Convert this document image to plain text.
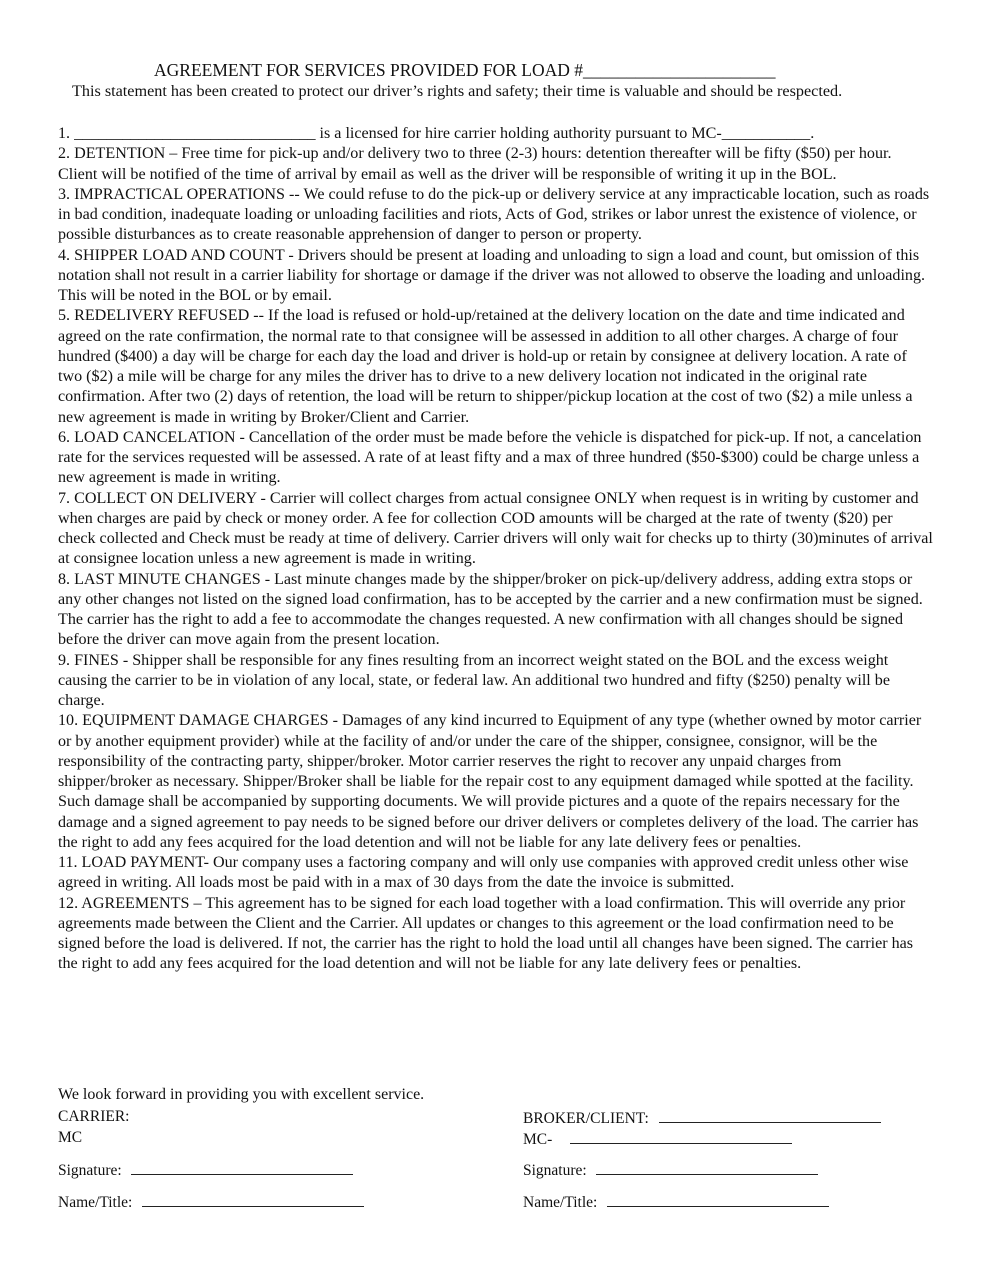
AGREEMENT FOR SERVICES PROVIDED FOR LOAD #______________________
This statement has been created to protect our driver’s rights and safety; their time is valuable and should be respected.

1. ______________________________ is a licensed for hire carrier holding authority pursuant to MC-___________.

2. DETENTION – Free time for pick-up and/or delivery two to three (2-3) hours: detention thereafter will be fifty ($50) per hour. Client will be notified of the time of arrival by email as well as the driver will be responsible of writing it up in the BOL.

3. IMPRACTICAL OPERATIONS -- We could refuse to do the pick-up or delivery service at any impracticable location, such as roads in bad condition, inadequate loading or unloading facilities and riots, Acts of God, strikes or labor unrest the existence of violence, or possible disturbances as to create reasonable apprehension of danger to person or property.

4. SHIPPER LOAD AND COUNT - Drivers should be present at loading and unloading to sign a load and count, but omission of this notation shall not result in a carrier liability for shortage or damage if the driver was not allowed to observe the loading and unloading. This will be noted in the BOL or by email.

5. REDELIVERY REFUSED -- If the load is refused or hold-up/retained at the delivery location on the date and time indicated and agreed on the rate confirmation, the normal rate to that consignee will be assessed in addition to all other charges. A charge of four hundred ($400) a day will be charge for each day the load and driver is hold-up or retain by consignee at delivery location. A rate of two ($2) a mile will be charge for any miles the driver has to drive to a new delivery location not indicated in the original rate confirmation. After two (2) days of retention, the load will be return to shipper/pickup location at the cost of two ($2) a mile unless a new agreement is made in writing by Broker/Client and Carrier.

6. LOAD CANCELATION - Cancellation of the order must be made before the vehicle is dispatched for pick-up. If not, a cancelation rate for the services requested will be assessed. A rate of at least fifty and a max of three hundred ($50-$300) could be charge unless a new agreement is made in writing.

7. COLLECT ON DELIVERY - Carrier will collect charges from actual consignee ONLY when request is in writing by customer and when charges are paid by check or money order. A fee for collection COD amounts will be charged at the rate of twenty ($20) per check collected and Check must be ready at time of delivery. Carrier drivers will only wait for checks up to thirty (30)minutes of arrival at consignee location unless a new agreement is made in writing.

8. LAST MINUTE CHANGES - Last minute changes made by the shipper/broker on pick-up/delivery address, adding extra stops or any other changes not listed on the signed load confirmation, has to be accepted by the carrier and a new confirmation must be signed. The carrier has the right to add a fee to accommodate the changes requested. A new confirmation with all changes should be signed before the driver can move again from the present location.

9. FINES - Shipper shall be responsible for any fines resulting from an incorrect weight stated on the BOL and the excess weight causing the carrier to be in violation of any local, state, or federal law. An additional two hundred and fifty ($250) penalty will be charge.

10. EQUIPMENT DAMAGE CHARGES - Damages of any kind incurred to Equipment of any type (whether owned by motor carrier or by another equipment provider) while at the facility of and/or under the care of the shipper, consignee, consignor, will be the responsibility of the contracting party, shipper/broker. Motor carrier reserves the right to recover any unpaid charges from shipper/broker as necessary. Shipper/Broker shall be liable for the repair cost to any equipment damaged while spotted at the facility. Such damage shall be accompanied by supporting documents. We will provide pictures and a quote of the repairs necessary for the damage and a signed agreement to pay needs to be signed before our driver delivers or completes delivery of the load. The carrier has the right to add any fees acquired for the load detention and will not be liable for any late delivery fees or penalties.

11. LOAD PAYMENT- Our company uses a factoring company and will only use companies with approved credit unless other wise agreed in writing. All loads most be paid with in a max of 30 days from the date the invoice is submitted.

12. AGREEMENTS – This agreement has to be signed for each load together with a load confirmation. This will override any prior agreements made between the Client and the Carrier. All updates or changes to this agreement or the load confirmation need to be signed before the load is delivered. If not, the carrier has the right to hold the load until all changes have been signed. The carrier has the right to add any fees acquired for the load detention and will not be liable for any late delivery fees or penalties.

We look forward in providing you with excellent service.
CARRIER:
MC
Signature:
Name/Title:
BROKER/CLIENT:
MC-
Signature:
Name/Title:
